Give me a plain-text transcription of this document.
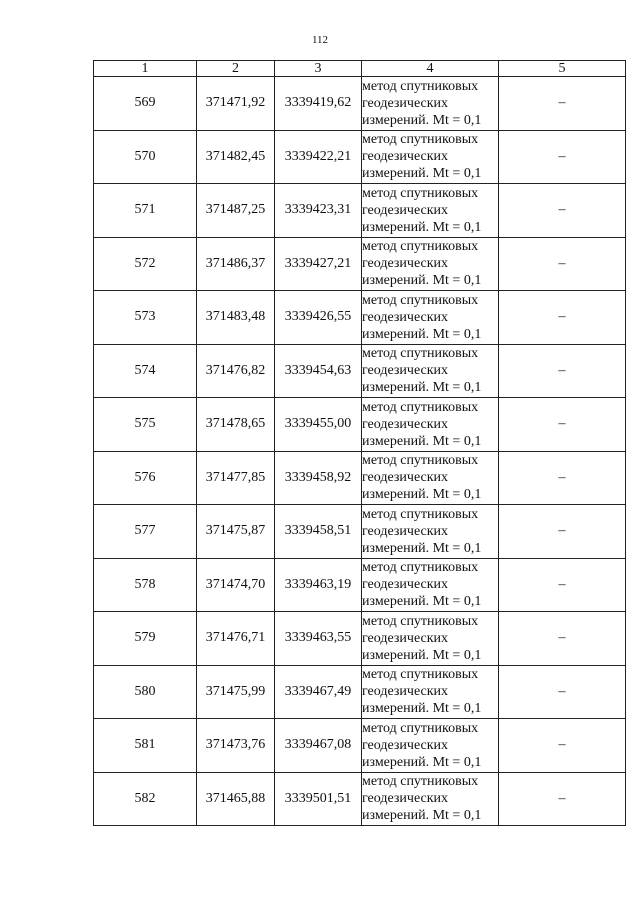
112
1	2	3	4	5
569	371471,92	3339419,62	метод спутниковых
геодезических
измерений. Mt = 0,1	–
570	371482,45	3339422,21	метод спутниковых
геодезических
измерений. Mt = 0,1	–
571	371487,25	3339423,31	метод спутниковых
геодезических
измерений. Mt = 0,1	–
572	371486,37	3339427,21	метод спутниковых
геодезических
измерений. Mt = 0,1	–
573	371483,48	3339426,55	метод спутниковых
геодезических
измерений. Mt = 0,1	–
574	371476,82	3339454,63	метод спутниковых
геодезических
измерений. Mt = 0,1	–
575	371478,65	3339455,00	метод спутниковых
геодезических
измерений. Mt = 0,1	–
576	371477,85	3339458,92	метод спутниковых
геодезических
измерений. Mt = 0,1	–
577	371475,87	3339458,51	метод спутниковых
геодезических
измерений. Mt = 0,1	–
578	371474,70	3339463,19	метод спутниковых
геодезических
измерений. Mt = 0,1	–
579	371476,71	3339463,55	метод спутниковых
геодезических
измерений. Mt = 0,1	–
580	371475,99	3339467,49	метод спутниковых
геодезических
измерений. Mt = 0,1	–
581	371473,76	3339467,08	метод спутниковых
геодезических
измерений. Mt = 0,1	–
582	371465,88	3339501,51	метод спутниковых
геодезических
измерений. Mt = 0,1	–
